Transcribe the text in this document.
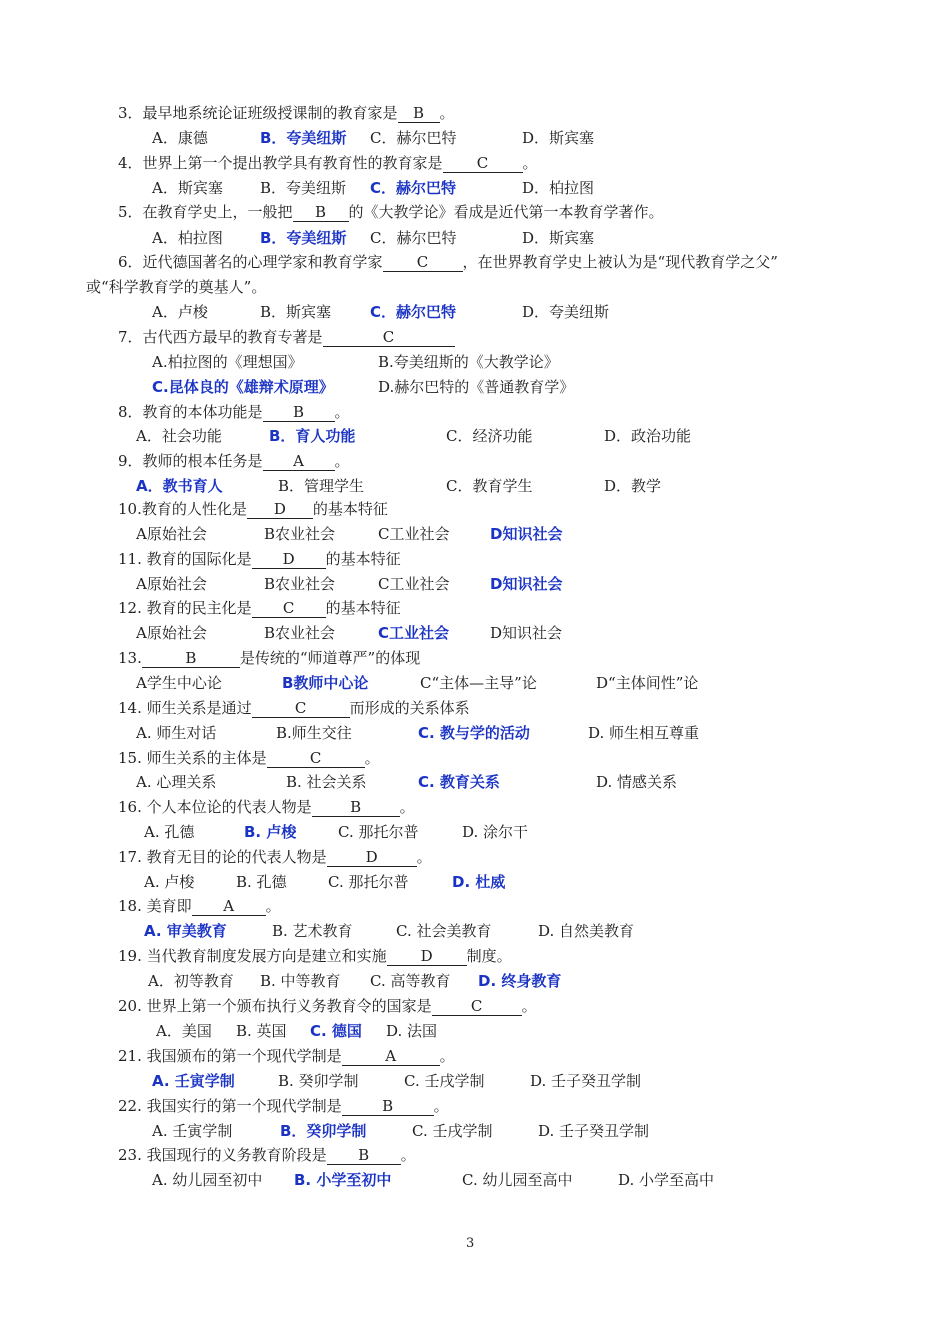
3．最早地系统论证班级授课制的教育家是 B 。
A．康德	B．夸美纽斯 C．赫尔巴特	D．斯宾塞
4．世界上第一个提出教学具有教育性的教育家是 C 。
A．斯宾塞 B．夸美纽斯 C．赫尔巴特	D．柏拉图
5．在教育学史上，一般把 B 的《大教学论》看成是近代第一本教育学著作。
A．柏拉图 B．夸美纽斯 C．赫尔巴特	D．斯宾塞
6．近代德国著名的心理学家和教育学家 C ，在世界教育学史上被认为是“现代教育学之父”
或“科学教育学的奠基人”。
A．卢梭	B．斯宾塞	C．赫尔巴特	D．夸美纽斯
7．古代西方最早的教育专著是	C
A.柏拉图的《理想国》	B.夸美纽斯的《大教学论》
C.昆体良的《雄辩术原理》	D.赫尔巴特的《普通教育学》
8．教育的本体功能是 B 。
A．社会功能	B．育人功能	C．经济功能	D．政治功能
9．教师的根本任务是 A 。
A．教书育人	B．管理学生	C．教育学生	D．教学
10.教育的人性化是 D 的基本特征
A原始社会	B农业社会	C工业社会	D知识社会
11. 教育的国际化是 D 的基本特征
A原始社会	B农业社会	C工业社会	D知识社会
12. 教育的民主化是 C 的基本特征
A原始社会	B农业社会	C工业社会	D知识社会
13.	B	是传统的“师道尊严”的体现
A学生中心论	B教师中心论	C“主体—主导”论	D“主体间性”论
14. 师生关系是通过	C	而形成的关系体系
A. 师生对话	B.师生交往	C. 教与学的活动	D. 师生相互尊重
15. 师生关系的主体是	C	。
A. 心理关系	B. 社会关系	C. 教育关系	D. 情感关系
16. 个人本位论的代表人物是	B	。
A. 孔德	B. 卢梭	C. 那托尔普	D. 涂尔干
17. 教育无目的论的代表人物是	D	。
A. 卢梭	B. 孔德	C. 那托尔普	D. 杜威
18. 美育即 A 。
A. 审美教育	B. 艺术教育	C. 社会美教育	D. 自然美教育
19. 当代教育制度发展方向是建立和实施 D 制度。
A．初等教育 B. 中等教育 C. 高等教育 D. 终身教育
20. 世界上第一个颁布执行义务教育令的国家是	C	。
A．美国 B. 英国 C. 德国 D. 法国
21. 我国颁布的第一个现代学制是	A	。
A. 壬寅学制	B. 癸卯学制	C. 壬戌学制	D. 壬子癸丑学制
22. 我国实行的第一个现代学制是	B	。
A. 壬寅学制	B．癸卯学制	C. 壬戌学制	D. 壬子癸丑学制
23. 我国现行的义务教育阶段是 B 。
A. 幼儿园至初中 B. 小学至初中	C. 幼儿园至高中	D. 小学至高中
3
